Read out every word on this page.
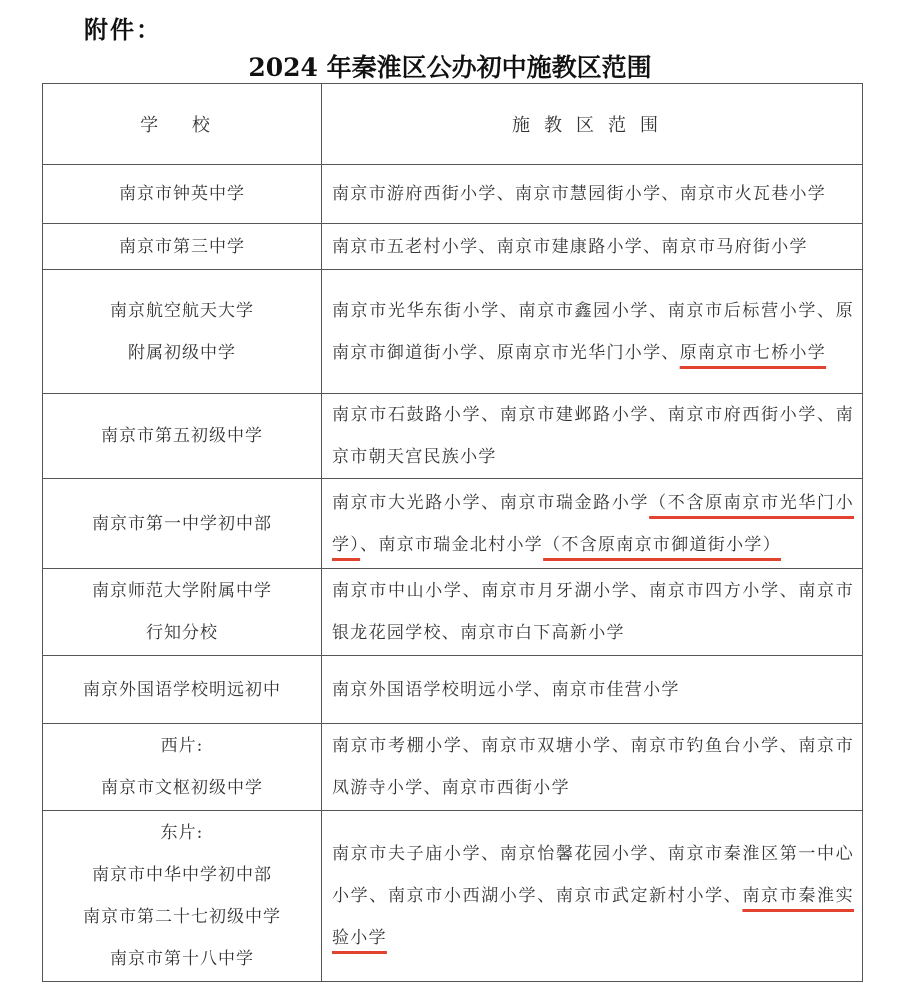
附件：
2024 年秦淮区公办初中施教区范围
学 校	施教区范围

南京市钟英中学	南京市游府西街小学、南京市慧园街小学、南京市火瓦巷小学

南京市第三中学	南京市五老村小学、南京市建康路小学、南京市马府街小学

南京航空航天大学
附属初级中学	南京市光华东街小学、南京市鑫园小学、南京市后标营小学、原南京市御道街小学、原南京市光华门小学、原南京市七桥小学

南京市第五初级中学	南京市石鼓路小学、南京市建邺路小学、南京市府西街小学、南京市朝天宫民族小学

南京市第一中学初中部	南京市大光路小学、南京市瑞金路小学（不含原南京市光华门小学）、南京市瑞金北村小学（不含原南京市御道街小学）

南京师范大学附属中学
行知分校	南京市中山小学、南京市月牙湖小学、南京市四方小学、南京市银龙花园学校、南京市白下高新小学

南京外国语学校明远初中	南京外国语学校明远小学、南京市佳营小学

西片:
南京市文枢初级中学	南京市考棚小学、南京市双塘小学、南京市钓鱼台小学、南京市凤游寺小学、南京市西街小学

东片:
南京市中华中学初中部
南京市第二十七初级中学
南京市第十八中学	南京市夫子庙小学、南京怡馨花园小学、南京市秦淮区第一中心小学、南京市小西湖小学、南京市武定新村小学、南京市秦淮实验小学
